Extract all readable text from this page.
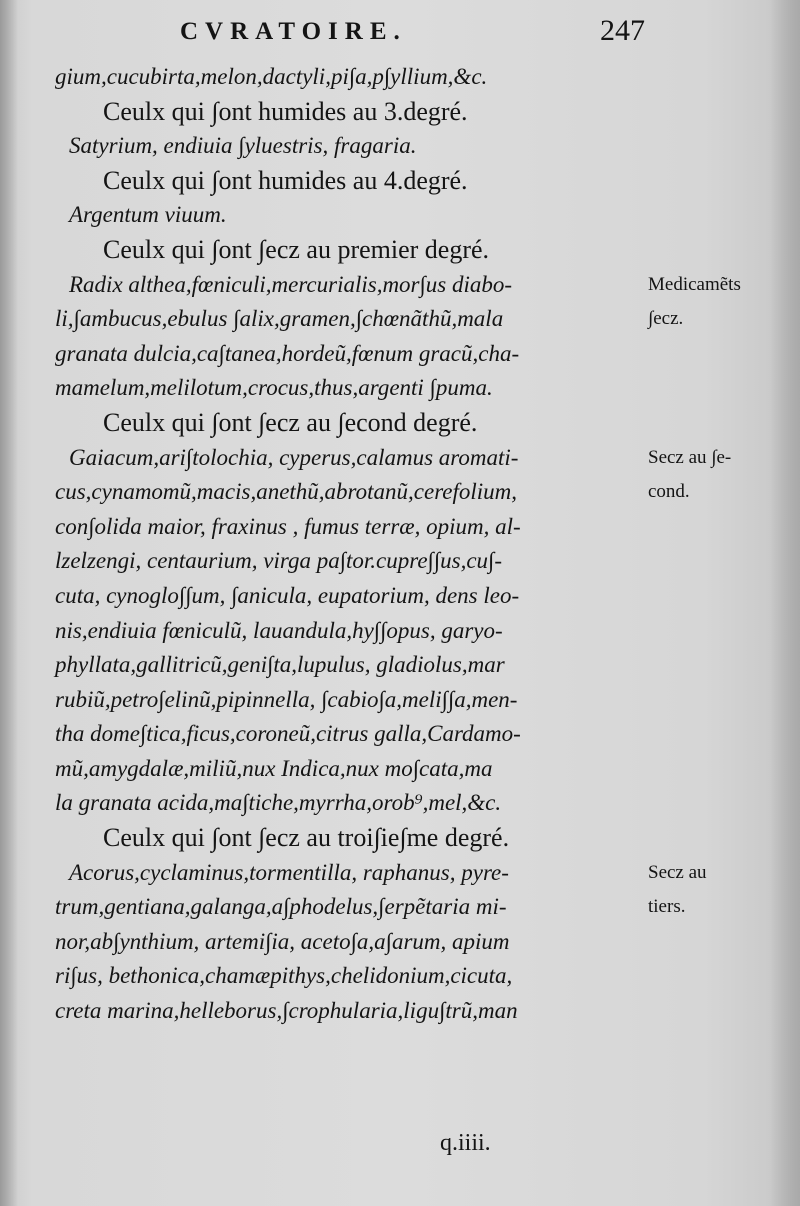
CVRATOIRE.	247
gium,cucubirta,melon,dactyli,pi∫a,p∫yllium,&c.
Ceulx qui ∫ont humides au 3.degré.
Satyrium, endiuia ∫yluestris, fragaria.
Ceulx qui ∫ont humides au 4.degré.
Argentum viuum.
Ceulx qui ∫ont ∫ecz au premier degré.
Radix althea,fœniculi,mercurialis,mor∫us diabo-
li,∫ambucus,ebulus ∫alix,gramen,∫chœnãthũ,mala
granata dulcia,ca∫tanea,hordeũ,fœnum gracũ,cha-
mamelum,melilotum,crocus,thus,argenti ∫puma.
Ceulx qui ∫ont ∫ecz au ∫econd degré.
Gaiacum,ari∫tolochia, cyperus,calamus aromati-
cus,cynamomũ,macis,anethũ,abrotanũ,cerefolium,
con∫olida maior, fraxinus , fumus terræ, opium, al-
lzelzengi, centaurium, virga pa∫tor.cupre∫∫us,cu∫-
cuta, cynoglo∫∫um, ∫anicula, eupatorium, dens leo-
nis,endiuia fœniculũ, lauandula,hy∫∫opus, garyo-
phyllata,gallitricũ,geni∫ta,lupulus, gladiolus,mar
rubiũ,petro∫elinũ,pipinnella, ∫cabio∫a,meli∫∫a,men-
tha dome∫tica,ficus,coroneũ,citrus galla,Cardamo-
mũ,amygdalæ,miliũ,nux Indica,nux mo∫cata,ma
la granata acida,ma∫tiche,myrrha,orob⁹,mel,&c.
Ceulx qui ∫ont ∫ecz au troi∫ie∫me degré.
Acorus,cyclaminus,tormentilla, raphanus, pyre-
trum,gentiana,galanga,a∫phodelus,∫erpẽtaria mi-
nor,ab∫ynthium, artemi∫ia, aceto∫a,a∫arum, apium
ri∫us, bethonica,chamæpithys,chelidonium,cicuta,
creta marina,helleborus,∫crophularia,ligu∫trũ,man
Medicamẽts
∫ecz.
Secz au ∫e-
cond.
Secz au
tiers.
q.iiii.
